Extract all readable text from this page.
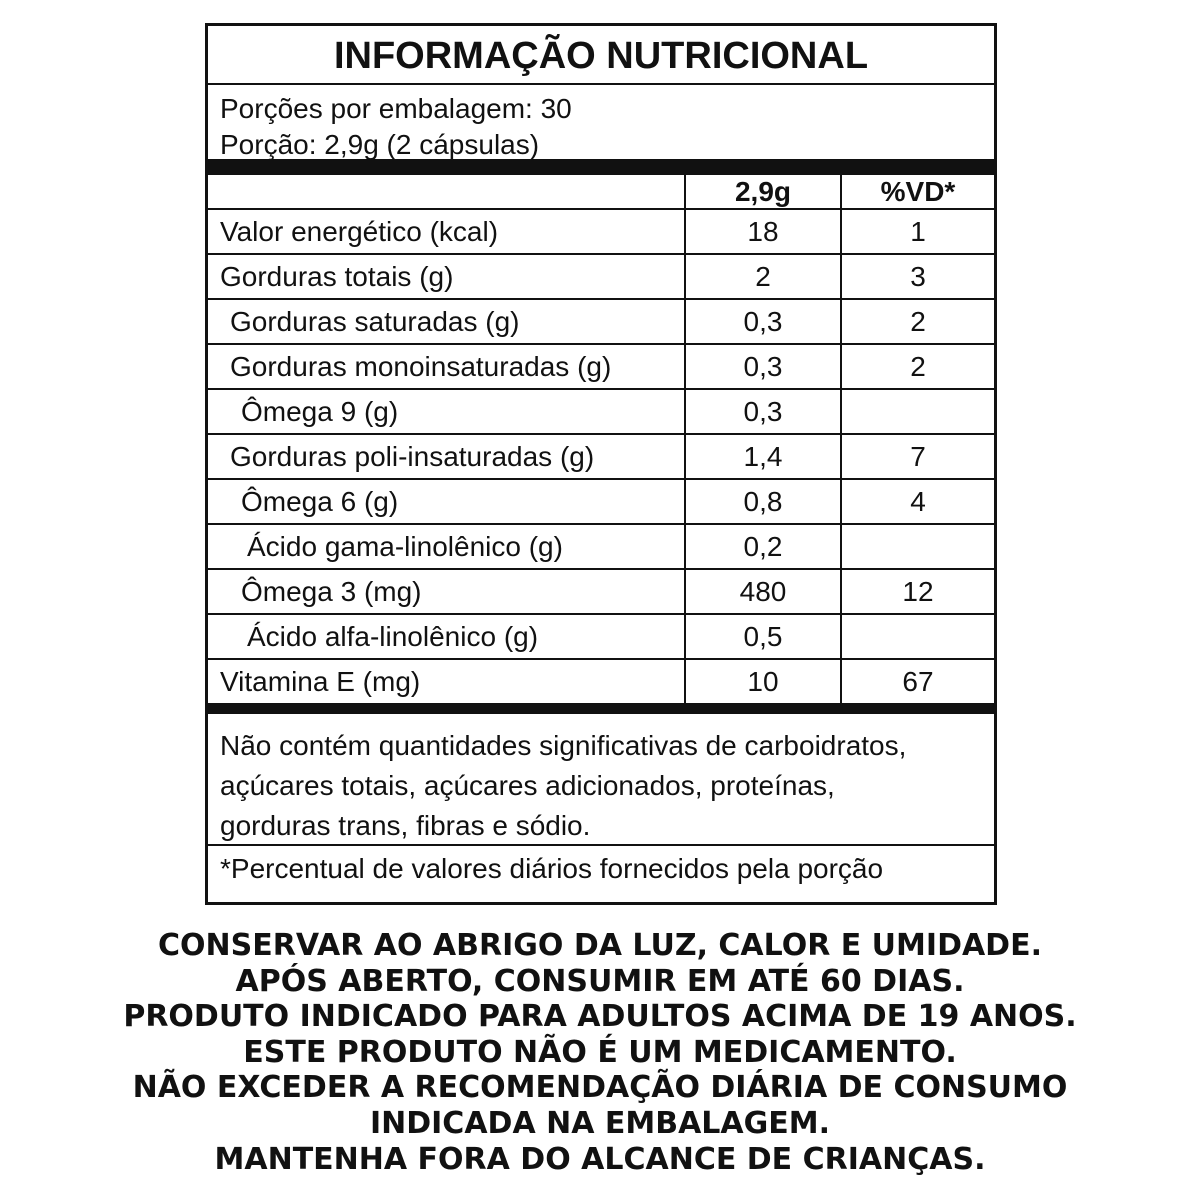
INFORMAÇÃO NUTRICIONAL
Porções por embalagem: 30
Porção: 2,9g (2 cápsulas)
	2,9g	%VD*
Valor energético (kcal)	18	1
Gorduras totais (g)	2	3
Gorduras saturadas (g)	0,3	2
Gorduras monoinsaturadas (g)	0,3	2
Ômega 9 (g)	0,3	
Gorduras poli-insaturadas (g)	1,4	7
Ômega 6 (g)	0,8	4
Ácido gama-linolênico (g)	0,2	
Ômega 3 (mg)	480	12
Ácido alfa-linolênico (g)	0,5	
Vitamina E (mg)	10	67
Não contém quantidades significativas de carboidratos,
açúcares totais, açúcares adicionados, proteínas,
gorduras trans, fibras e sódio.
*Percentual de valores diários fornecidos pela porção
CONSERVAR AO ABRIGO DA LUZ, CALOR E UMIDADE.
APÓS ABERTO, CONSUMIR EM ATÉ 60 DIAS.
PRODUTO INDICADO PARA ADULTOS ACIMA DE 19 ANOS.
ESTE PRODUTO NÃO É UM MEDICAMENTO.
NÃO EXCEDER A RECOMENDAÇÃO DIÁRIA DE CONSUMO
INDICADA NA EMBALAGEM.
MANTENHA FORA DO ALCANCE DE CRIANÇAS.
